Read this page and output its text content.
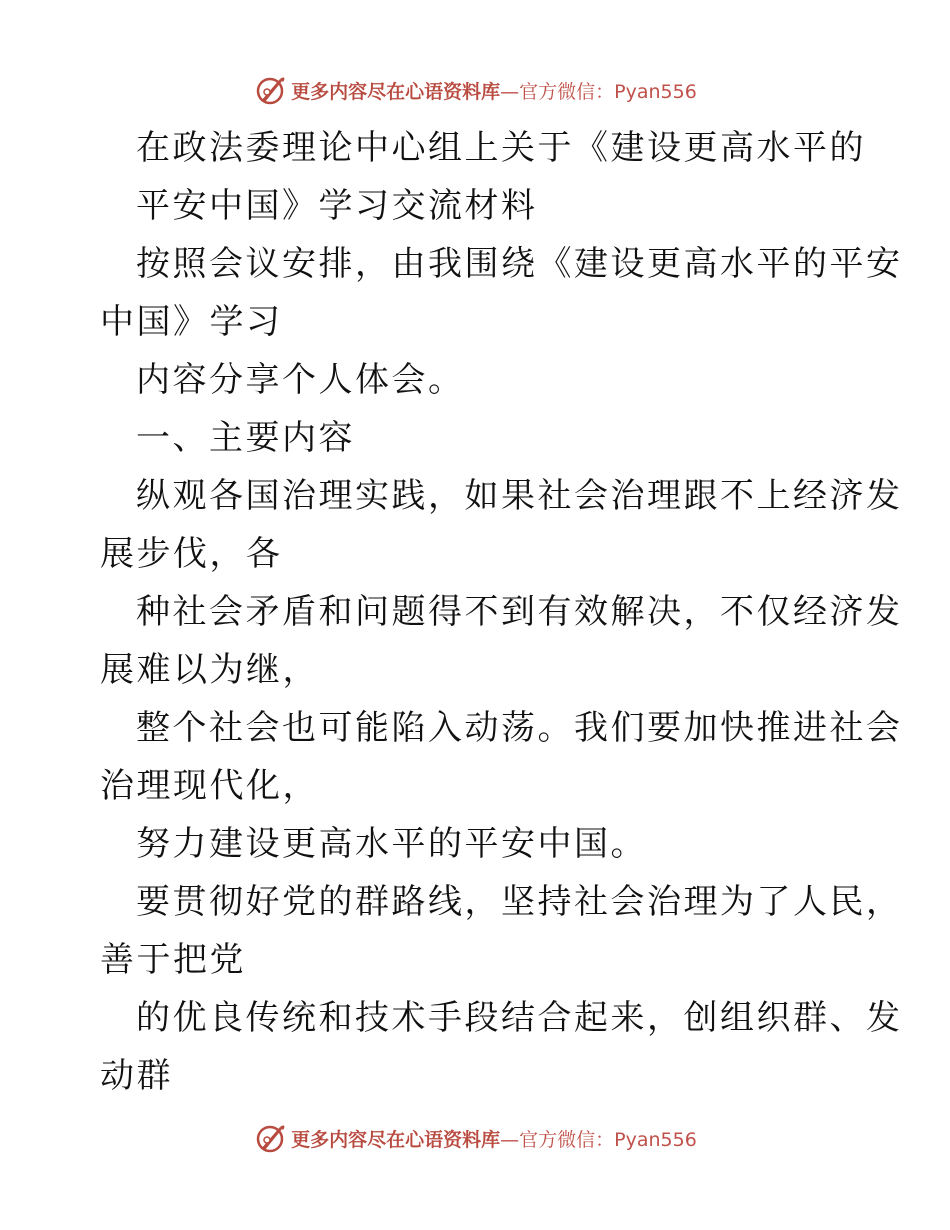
更多内容尽在心语资料库—官方微信：Pyan556
在政法委理论中心组上关于《建设更高水平的
平安中国》学习交流材料
按照会议安排，由我围绕《建设更高水平的平安
中国》学习
内容分享个人体会。
一、主要内容
纵观各国治理实践，如果社会治理跟不上经济发
展步伐，各
种社会矛盾和问题得不到有效解决，不仅经济发
展难以为继，
整个社会也可能陷入动荡。我们要加快推进社会
治理现代化，
努力建设更高水平的平安中国。
要贯彻好党的群路线，坚持社会治理为了人民，
善于把党
的优良传统和技术手段结合起来，创组织群、发
动群
更多内容尽在心语资料库—官方微信：Pyan556
